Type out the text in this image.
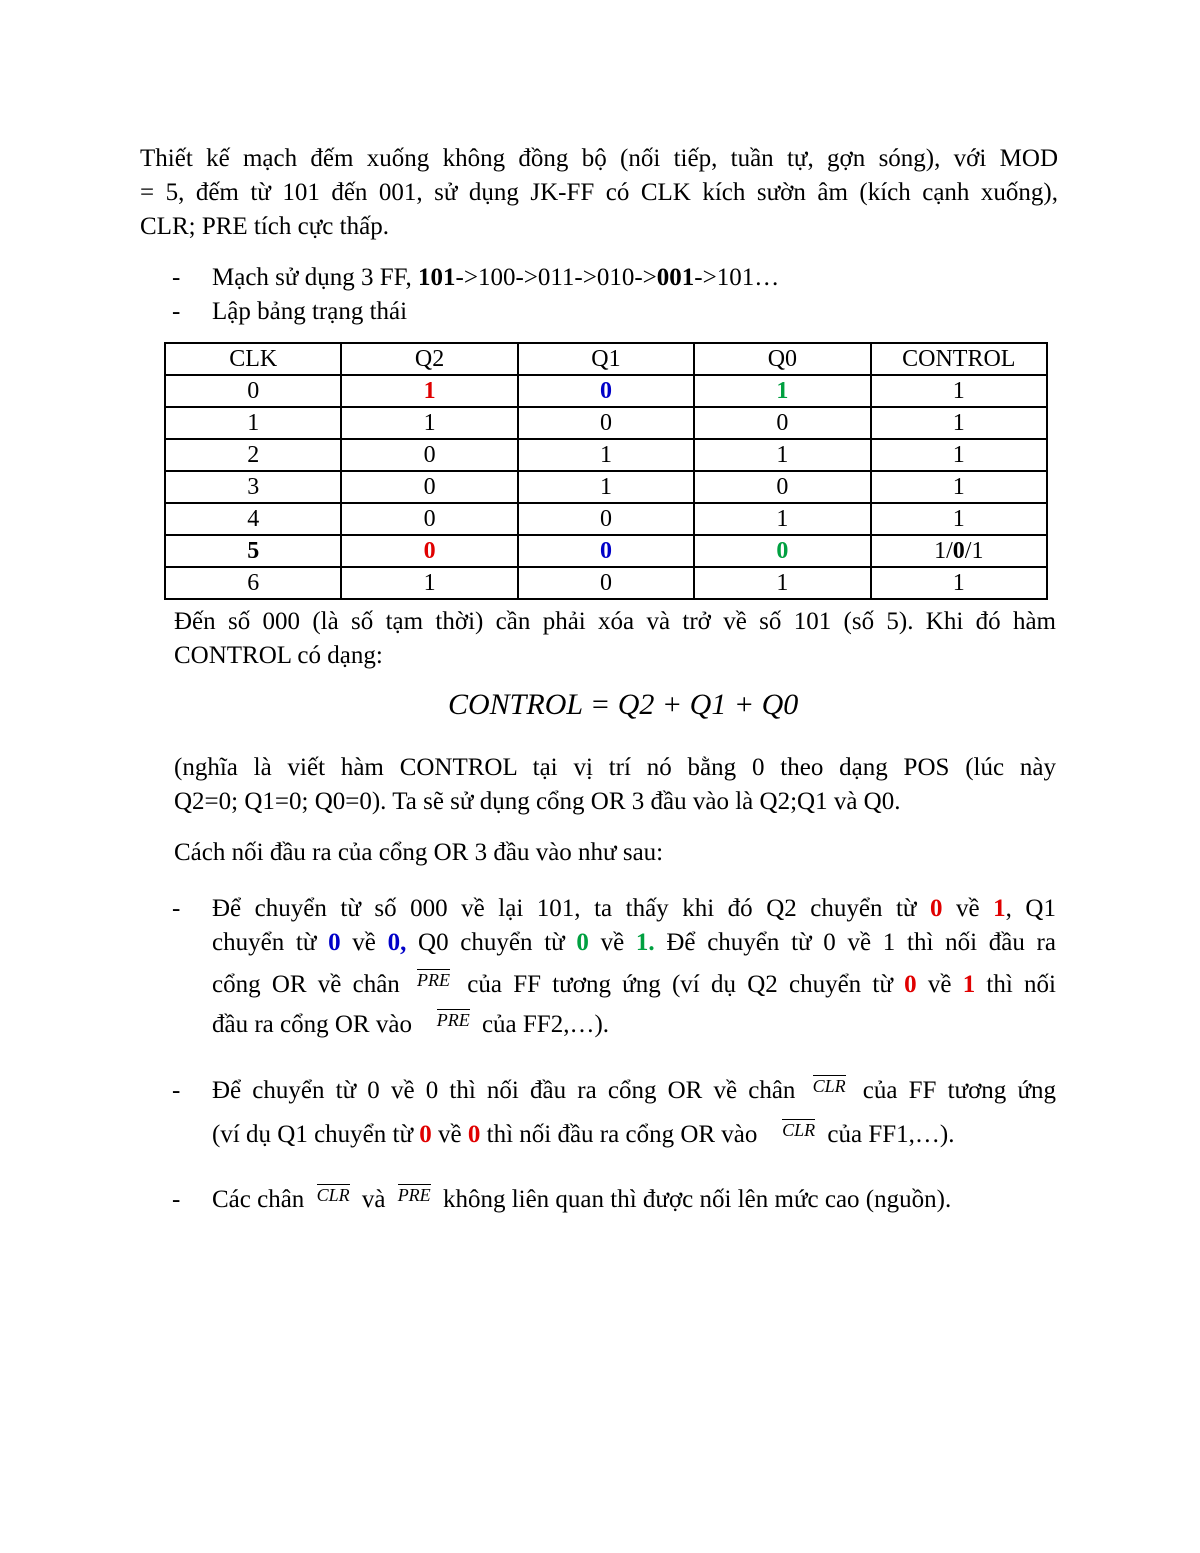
Thiết kế mạch đếm xuống không đồng bộ (nối tiếp, tuần tự, gợn sóng), với MOD
= 5, đếm từ 101 đến 001, sử dụng JK-FF có CLK kích sườn âm (kích cạnh xuống),
CLR; PRE tích cực thấp.
- Mạch sử dụng 3 FF, 101->100->011->010->001->101…
- Lập bảng trạng thái
CLK	Q2	Q1	Q0	CONTROL
0	1	0	1	1
1	1	0	0	1
2	0	1	1	1
3	0	1	0	1
4	0	0	1	1
5	0	0	0	1/0/1
6	1	0	1	1
Đến số 000 (là số tạm thời) cần phải xóa và trở về số 101 (số 5). Khi đó hàm
CONTROL có dạng:
CONTROL = Q2 + Q1 + Q0
(nghĩa là viết hàm CONTROL tại vị trí nó bằng 0 theo dạng POS (lúc này
Q2=0; Q1=0; Q0=0). Ta sẽ sử dụng cổng OR 3 đầu vào là Q2;Q1 và Q0.
Cách nối đầu ra của cổng OR 3 đầu vào như sau:
- Để chuyển từ số 000 về lại 101, ta thấy khi đó Q2 chuyển từ 0 về 1, Q1
chuyển từ 0 về 0, Q0 chuyển từ 0 về 1. Để chuyển từ 0 về 1 thì nối đầu ra
cổng OR về chân PRE của FF tương ứng (ví dụ Q2 chuyển từ 0 về 1 thì nối
đầu ra cổng OR vào PRE của FF2,…).
- Để chuyển từ 0 về 0 thì nối đầu ra cổng OR về chân CLR của FF tương ứng
(ví dụ Q1 chuyển từ 0 về 0 thì nối đầu ra cổng OR vào CLR của FF1,…).
- Các chân CLR và PRE không liên quan thì được nối lên mức cao (nguồn).
